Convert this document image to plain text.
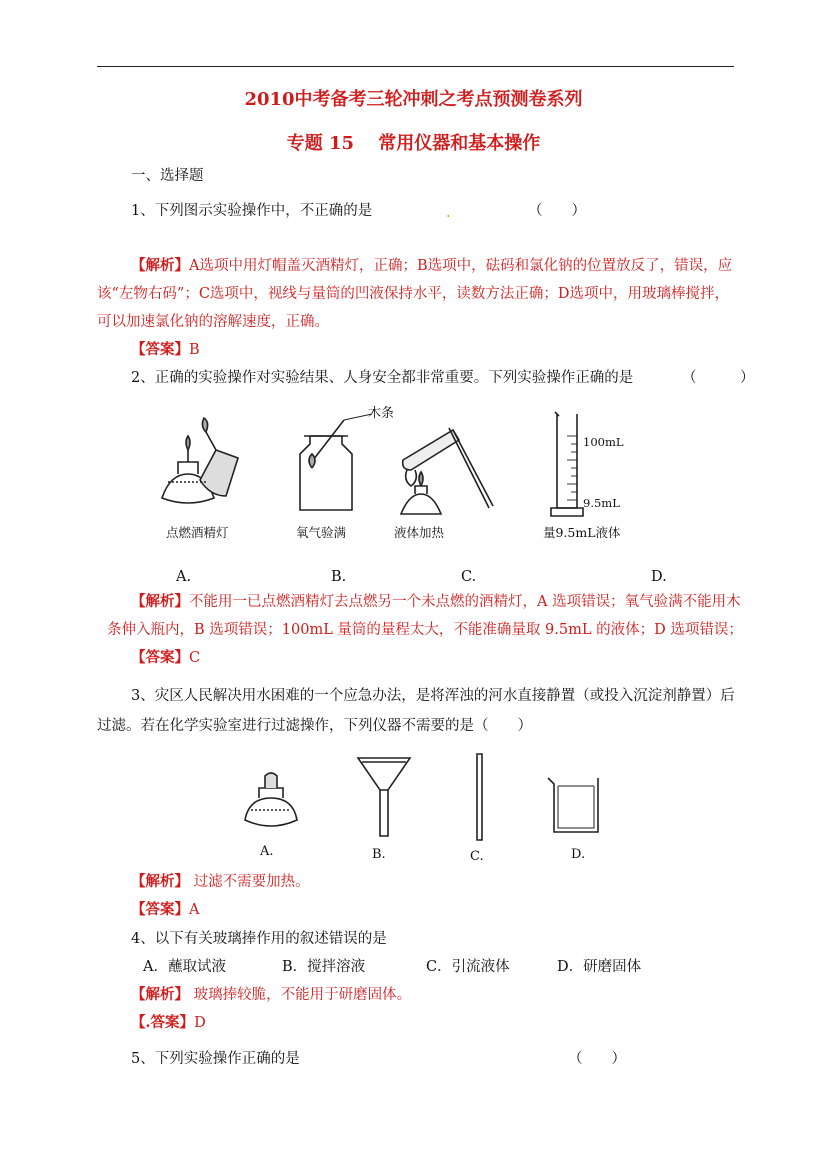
2010中考备考三轮冲刺之考点预测卷系列
专题 15　 常用仪器和基本操作
一、选择题
1、下列图示实验操作中，不正确的是	（　　）
.
【解析】A选项中用灯帽盖灭酒精灯，正确；B选项中，砝码和氯化钠的位置放反了，错误，应
该“左物右码”；C选项中，视线与量筒的凹液保持水平，读数方法正确；D选项中，用玻璃棒搅拌，
可以加速氯化钠的溶解速度，正确。
【答案】B
2、正确的实验操作对实验结果、人身安全都非常重要。下列实验操作正确的是	（　　　）
点燃酒精灯
木条
氧气验满	液体加热
100mL
9.5mL
量9.5mL液体
A.	B.	C.	D.
【解析】不能用一已点燃酒精灯去点燃另一个未点燃的酒精灯，A 选项错误；氧气验满不能用木
条伸入瓶内，B 选项错误；100mL 量筒的量程太大，不能准确量取 9.5mL 的液体；D 选项错误；
【答案】C
3、灾区人民解决用水困难的一个应急办法，是将浑浊的河水直接静置（或投入沉淀剂静置）后
过滤。若在化学实验室进行过滤操作，下列仪器不需要的是（　　）
A.	B.	C.	D.
【解析】 过滤不需要加热。
【答案】A
4、以下有关玻璃捧作用的叙述错误的是
A．蘸取试液	B．搅拌溶液	C．引流液体	D．研磨固体
【解析】 玻璃捧较脆，不能用于研磨固体。
【.答案】D
5、下列实验操作正确的是	（　　）
